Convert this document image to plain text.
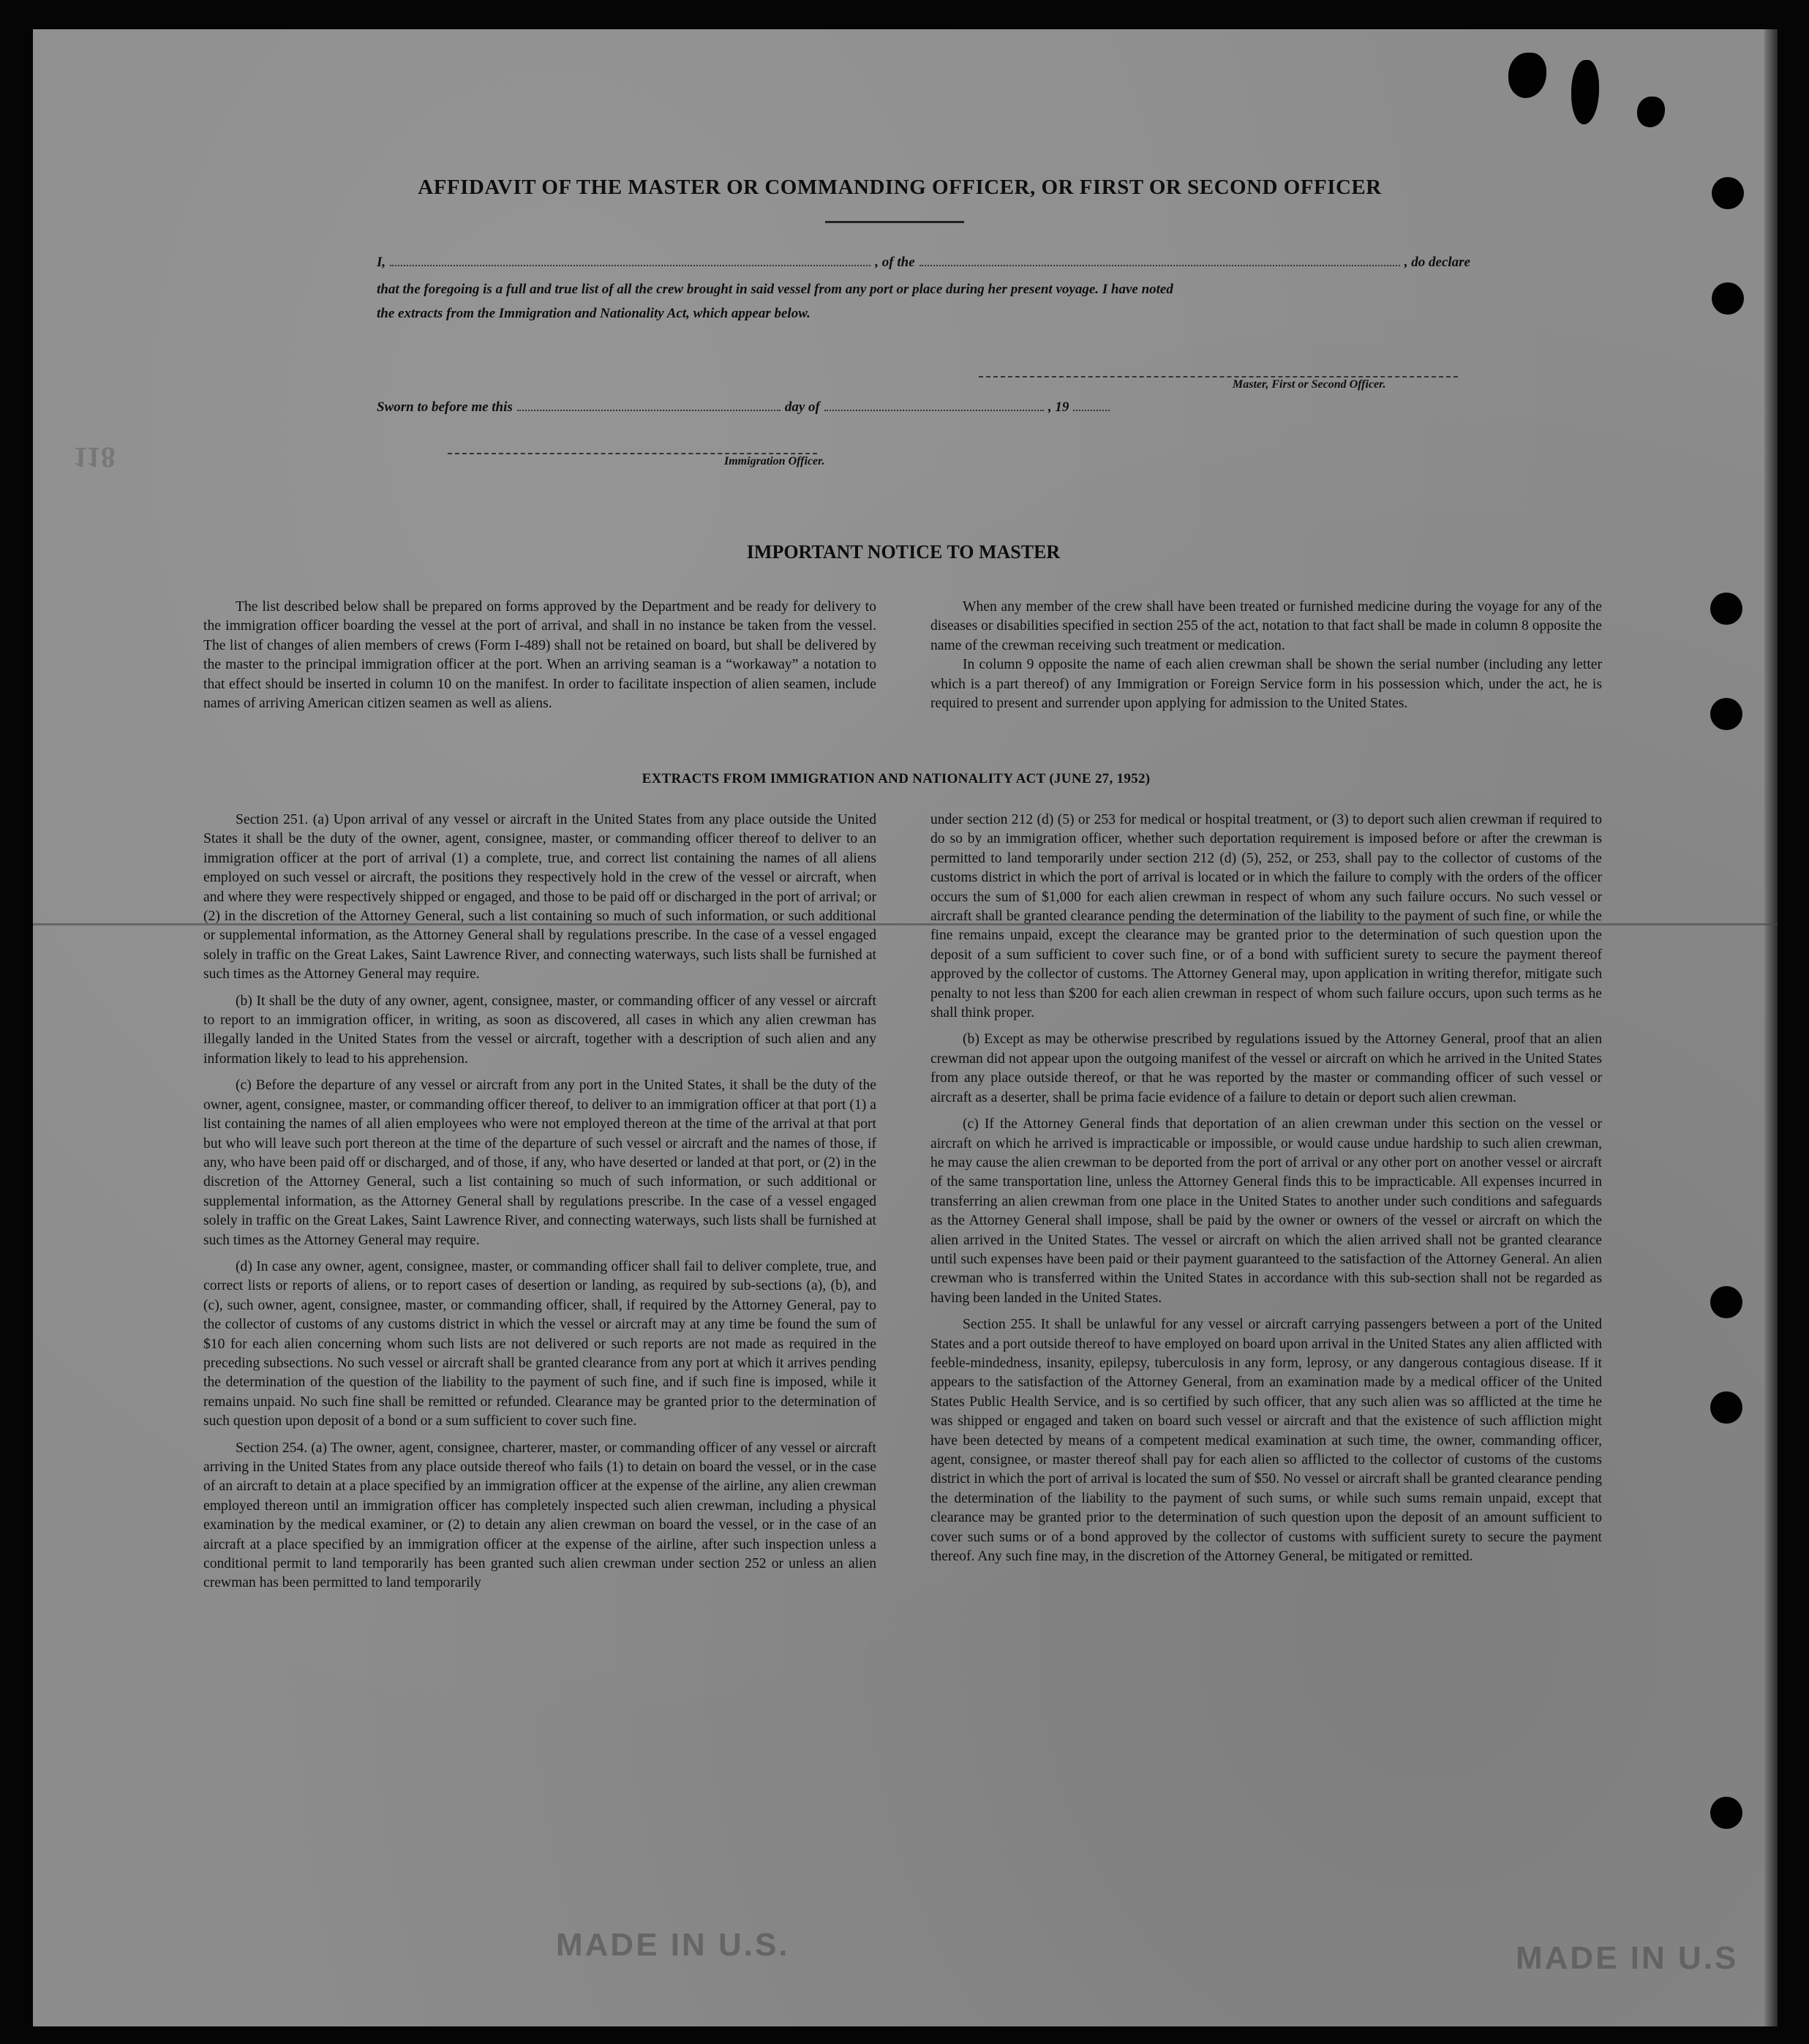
118
MADE IN U.S.	MADE IN U.S
AFFIDAVIT OF THE MASTER OR COMMANDING OFFICER, OR FIRST OR SECOND OFFICER
I,	, of the	, do declare
that the foregoing is a full and true list of all the crew brought in said vessel from any port or place during her present voyage. I have noted
the extracts from the Immigration and Nationality Act, which appear below.
Master, First or Second Officer.
Sworn to before me this	day of	, 19
Immigration Officer.
IMPORTANT NOTICE TO MASTER

The list described below shall be prepared on forms approved by the Department and be ready for delivery to the immigration officer boarding the vessel at the port of arrival, and shall in no instance be taken from the vessel. The list of changes of alien members of crews (Form I-489) shall not be retained on board, but shall be delivered by the master to the principal immigration officer at the port. When an arriving seaman is a “workaway” a notation to that effect should be inserted in column 10 on the manifest. In order to facilitate inspection of alien seamen, include names of arriving American citizen seamen as well as aliens.

When any member of the crew shall have been treated or furnished medicine during the voyage for any of the diseases or disabilities specified in section 255 of the act, notation to that fact shall be made in column 8 opposite the name of the crewman receiving such treatment or medication.

In column 9 opposite the name of each alien crewman shall be shown the serial number (including any letter which is a part thereof) of any Immigration or Foreign Service form in his possession which, under the act, he is required to present and surrender upon applying for admission to the United States.

EXTRACTS FROM IMMIGRATION AND NATIONALITY ACT (JUNE 27, 1952)

Section 251. (a) Upon arrival of any vessel or aircraft in the United States from any place outside the United States it shall be the duty of the owner, agent, consignee, master, or commanding officer thereof to deliver to an immigration officer at the port of arrival (1) a complete, true, and correct list containing the names of all aliens employed on such vessel or aircraft, the positions they respectively hold in the crew of the vessel or aircraft, when and where they were respectively shipped or engaged, and those to be paid off or discharged in the port of arrival; or (2) in the discretion of the Attorney General, such a list containing so much of such information, or such additional or supplemental information, as the Attorney General shall by regulations prescribe. In the case of a vessel engaged solely in traffic on the Great Lakes, Saint Lawrence River, and connecting waterways, such lists shall be furnished at such times as the Attorney General may require.

(b) It shall be the duty of any owner, agent, consignee, master, or commanding officer of any vessel or aircraft to report to an immigration officer, in writing, as soon as discovered, all cases in which any alien crewman has illegally landed in the United States from the vessel or aircraft, together with a description of such alien and any information likely to lead to his apprehension.

(c) Before the departure of any vessel or aircraft from any port in the United States, it shall be the duty of the owner, agent, consignee, master, or commanding officer thereof, to deliver to an immigration officer at that port (1) a list containing the names of all alien employees who were not employed thereon at the time of the arrival at that port but who will leave such port thereon at the time of the departure of such vessel or aircraft and the names of those, if any, who have been paid off or discharged, and of those, if any, who have deserted or landed at that port, or (2) in the discretion of the Attorney General, such a list containing so much of such information, or such additional or supplemental information, as the Attorney General shall by regulations prescribe. In the case of a vessel engaged solely in traffic on the Great Lakes, Saint Lawrence River, and connecting waterways, such lists shall be furnished at such times as the Attorney General may require.

(d) In case any owner, agent, consignee, master, or commanding officer shall fail to deliver complete, true, and correct lists or reports of aliens, or to report cases of desertion or landing, as required by sub-sections (a), (b), and (c), such owner, agent, consignee, master, or commanding officer, shall, if required by the Attorney General, pay to the collector of customs of any customs district in which the vessel or aircraft may at any time be found the sum of $10 for each alien concerning whom such lists are not delivered or such reports are not made as required in the preceding subsections. No such vessel or aircraft shall be granted clearance from any port at which it arrives pending the determination of the question of the liability to the payment of such fine, and if such fine is imposed, while it remains unpaid. No such fine shall be remitted or refunded. Clearance may be granted prior to the determination of such question upon deposit of a bond or a sum sufficient to cover such fine.

Section 254. (a) The owner, agent, consignee, charterer, master, or commanding officer of any vessel or aircraft arriving in the United States from any place outside thereof who fails (1) to detain on board the vessel, or in the case of an aircraft to detain at a place specified by an immigration officer at the expense of the airline, any alien crewman employed thereon until an immigration officer has completely inspected such alien crewman, including a physical examination by the medical examiner, or (2) to detain any alien crewman on board the vessel, or in the case of an aircraft at a place specified by an immigration officer at the expense of the airline, after such inspection unless a conditional permit to land temporarily has been granted such alien crewman under section 252 or unless an alien crewman has been permitted to land temporarily

under section 212 (d) (5) or 253 for medical or hospital treatment, or (3) to deport such alien crewman if required to do so by an immigration officer, whether such deportation requirement is imposed before or after the crewman is permitted to land temporarily under section 212 (d) (5), 252, or 253, shall pay to the collector of customs of the customs district in which the port of arrival is located or in which the failure to comply with the orders of the officer occurs the sum of $1,000 for each alien crewman in respect of whom any such failure occurs. No such vessel or aircraft shall be granted clearance pending the determination of the liability to the payment of such fine, or while the fine remains unpaid, except the clearance may be granted prior to the determination of such question upon the deposit of a sum sufficient to cover such fine, or of a bond with sufficient surety to secure the payment thereof approved by the collector of customs. The Attorney General may, upon application in writing therefor, mitigate such penalty to not less than $200 for each alien crewman in respect of whom such failure occurs, upon such terms as he shall think proper.

(b) Except as may be otherwise prescribed by regulations issued by the Attorney General, proof that an alien crewman did not appear upon the outgoing manifest of the vessel or aircraft on which he arrived in the United States from any place outside thereof, or that he was reported by the master or commanding officer of such vessel or aircraft as a deserter, shall be prima facie evidence of a failure to detain or deport such alien crewman.

(c) If the Attorney General finds that deportation of an alien crewman under this section on the vessel or aircraft on which he arrived is impracticable or impossible, or would cause undue hardship to such alien crewman, he may cause the alien crewman to be deported from the port of arrival or any other port on another vessel or aircraft of the same transportation line, unless the Attorney General finds this to be impracticable. All expenses incurred in transferring an alien crewman from one place in the United States to another under such conditions and safeguards as the Attorney General shall impose, shall be paid by the owner or owners of the vessel or aircraft on which the alien arrived in the United States. The vessel or aircraft on which the alien arrived shall not be granted clearance until such expenses have been paid or their payment guaranteed to the satisfaction of the Attorney General. An alien crewman who is transferred within the United States in accordance with this sub-section shall not be regarded as having been landed in the United States.

Section 255. It shall be unlawful for any vessel or aircraft carrying passengers between a port of the United States and a port outside thereof to have employed on board upon arrival in the United States any alien afflicted with feeble-mindedness, insanity, epilepsy, tuberculosis in any form, leprosy, or any dangerous contagious disease. If it appears to the satisfaction of the Attorney General, from an examination made by a medical officer of the United States Public Health Service, and is so certified by such officer, that any such alien was so afflicted at the time he was shipped or engaged and taken on board such vessel or aircraft and that the existence of such affliction might have been detected by means of a competent medical examination at such time, the owner, commanding officer, agent, consignee, or master thereof shall pay for each alien so afflicted to the collector of customs of the customs district in which the port of arrival is located the sum of $50. No vessel or aircraft shall be granted clearance pending the determination of the liability to the payment of such sums, or while such sums remain unpaid, except that clearance may be granted prior to the determination of such question upon the deposit of an amount sufficient to cover such sums or of a bond approved by the collector of customs with sufficient surety to secure the payment thereof. Any such fine may, in the discretion of the Attorney General, be mitigated or remitted.
